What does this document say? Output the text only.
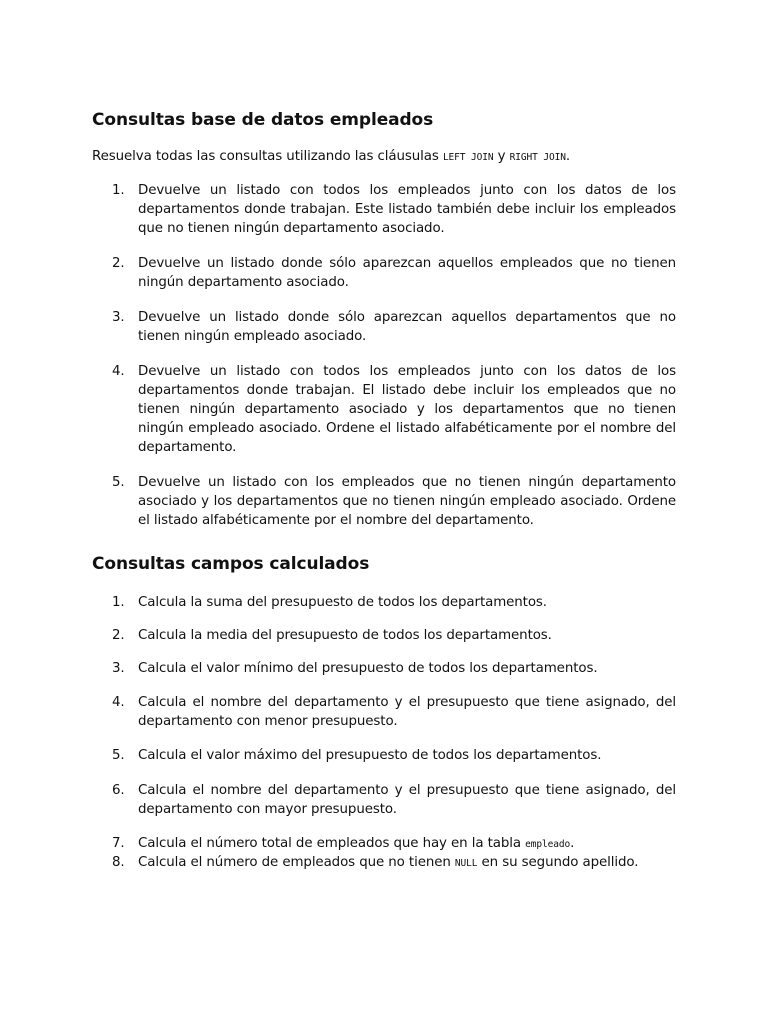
Consultas base de datos empleados
Resuelva todas las consultas utilizando las cláusulas LEFT JOIN y RIGHT JOIN.
1. Devuelve un listado con todos los empleados junto con los datos de los departamentos donde trabajan. Este listado también debe incluir los empleados que no tienen ningún departamento asociado.
2. Devuelve un listado donde sólo aparezcan aquellos empleados que no tienen ningún departamento asociado.
3. Devuelve un listado donde sólo aparezcan aquellos departamentos que no tienen ningún empleado asociado.
4. Devuelve un listado con todos los empleados junto con los datos de los departamentos donde trabajan. El listado debe incluir los empleados que no tienen ningún departamento asociado y los departamentos que no tienen ningún empleado asociado. Ordene el listado alfabéticamente por el nombre del departamento.
5. Devuelve un listado con los empleados que no tienen ningún departamento asociado y los departamentos que no tienen ningún empleado asociado. Ordene el listado alfabéticamente por el nombre del departamento.
Consultas campos calculados
1. Calcula la suma del presupuesto de todos los departamentos.
2. Calcula la media del presupuesto de todos los departamentos.
3. Calcula el valor mínimo del presupuesto de todos los departamentos.
4. Calcula el nombre del departamento y el presupuesto que tiene asignado, del departamento con menor presupuesto.
5. Calcula el valor máximo del presupuesto de todos los departamentos.
6. Calcula el nombre del departamento y el presupuesto que tiene asignado, del departamento con mayor presupuesto.
7. Calcula el número total de empleados que hay en la tabla empleado.
8. Calcula el número de empleados que no tienen NULL en su segundo apellido.
